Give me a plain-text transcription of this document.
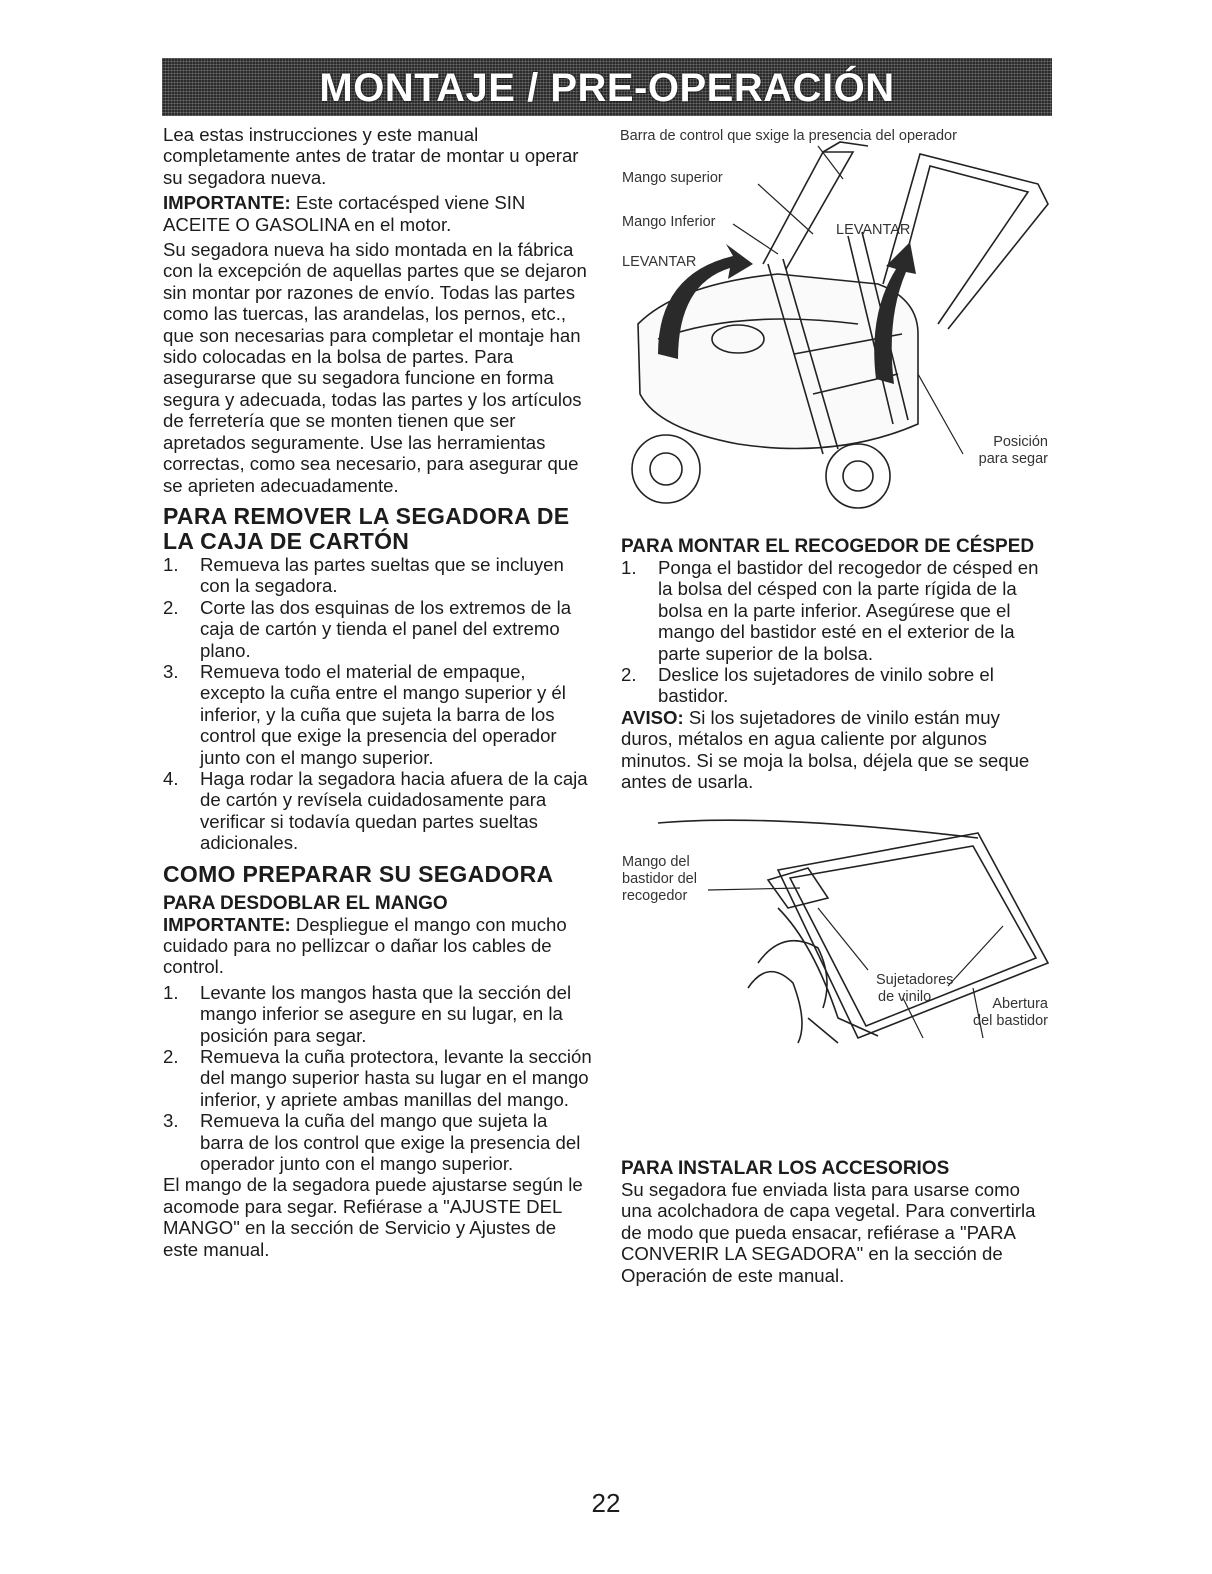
MONTAJE / PRE-OPERACIÓN

Lea estas instrucciones y este manual completamente antes de tratar de montar u operar su segadora nueva.

IMPORTANTE: Este cortacésped viene SIN ACEITE O GASOLINA en el motor.

Su segadora nueva ha sido montada en la fábrica con la excepción de aquellas partes que se dejaron sin montar por razones de envío. Todas las partes como las tuercas, las arandelas, los pernos, etc., que son necesarias para completar el montaje han sido colocadas en la bolsa de partes. Para asegurarse que su segadora funcione en forma segura y adecuada, todas las partes y los artículos de ferretería que se monten tienen que ser apretados seguramente. Use las herramientas correctas, como sea necesario, para asegurar que se aprieten adecuadamente.

PARA REMOVER LA SEGADORA DE LA CAJA DE CARTÓN
1. Remueva las partes sueltas que se incluyen con la segadora.
2. Corte las dos esquinas de los extremos de la caja de cartón y tienda el panel del extremo plano.
3. Remueva todo el material de empaque, excepto la cuña entre el mango superior y él inferior, y la cuña que sujeta la barra de los control que exige la presencia del operador junto con el mango superior.
4. Haga rodar la segadora hacia afuera de la caja de cartón y revísela cuidadosamente para verificar si todavía quedan partes sueltas adicionales.
COMO PREPARAR SU SEGADORA
PARA DESDOBLAR EL MANGO

IMPORTANTE: Despliegue el mango con mucho cuidado para no pellizcar o dañar los cables de control.

1. Levante los mangos hasta que la sección del mango inferior se asegure en su lugar, en la posición para segar.
2. Remueva la cuña protectora, levante la sección del mango superior hasta su lugar en el mango inferior, y apriete ambas manillas del mango.
3. Remueva la cuña del mango que sujeta la barra de los control que exige la presencia del operador junto con el mango superior.

El mango de la segadora puede ajustarse según le acomode para segar. Refiérase a "AJUSTE DEL MANGO" en la sección de Servicio y Ajustes de este manual.

Barra de control que sxige la presencia del operador
Mango superior
Mango Inferior
LEVANTAR
LEVANTAR
Posición
para segar
PARA MONTAR EL RECOGEDOR DE CÉSPED
1. Ponga el bastidor del recogedor de césped en la bolsa del césped con la parte rígida de la bolsa en la parte inferior. Asegúrese que el mango del bastidor esté en el exterior de la parte superior de la bolsa.
2. Deslice los sujetadores de vinilo sobre el bastidor.

AVISO: Si los sujetadores de vinilo están muy duros, métalos en agua caliente por algunos minutos. Si se moja la bolsa, déjela que se seque antes de usarla.

Mango del
bastidor del
recogedor
Sujetadores
de vinilo	Abertura
del bastidor
PARA INSTALAR LOS ACCESORIOS

Su segadora fue enviada lista para usarse como una acolchadora de capa vegetal. Para convertirla de modo que pueda ensacar, refiérase a "PARA CONVERIR LA SEGADORA" en la sección de Operación de este manual.

22
